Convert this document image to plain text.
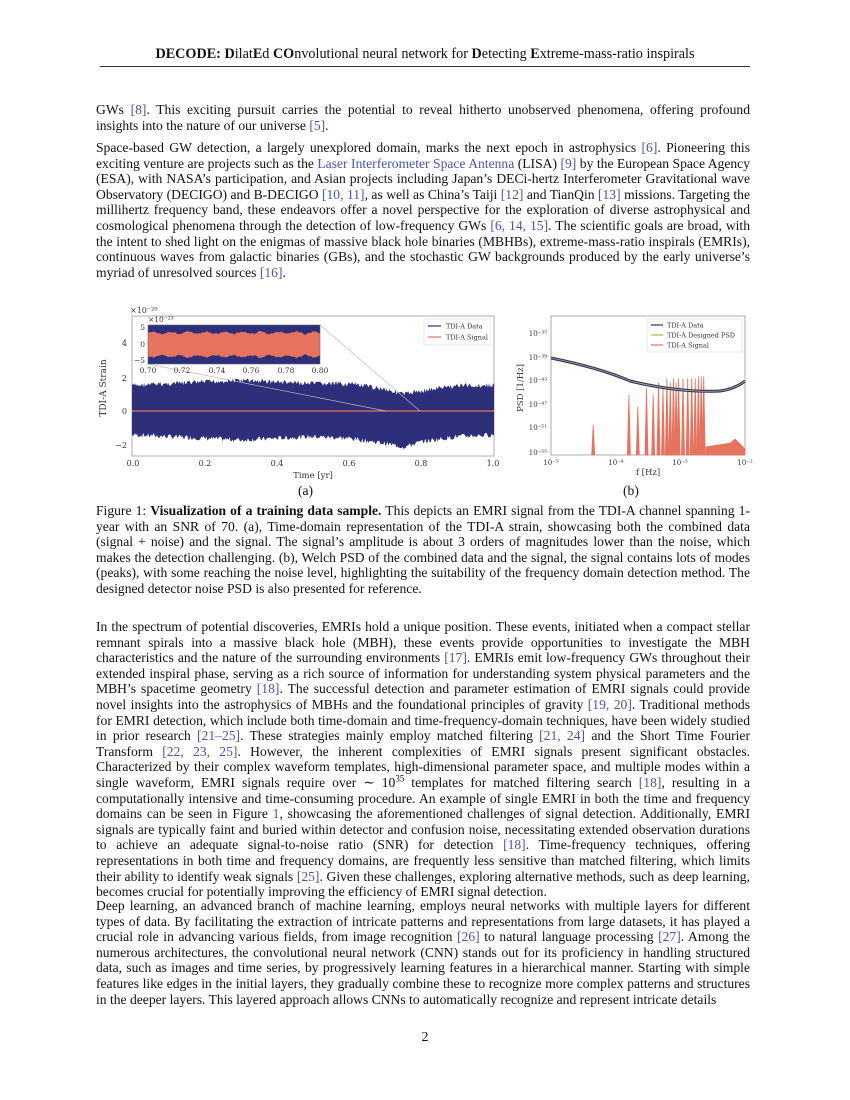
DECODE: DilatEd COnvolutional neural network for Detecting Extreme-mass-ratio inspirals
GWs [8]. This exciting pursuit carries the potential to reveal hitherto unobserved phenomena, offering profound insights into the nature of our universe [5].
Space-based GW detection, a largely unexplored domain, marks the next epoch in astrophysics [6]. Pioneering this exciting venture are projects such as the Laser Interferometer Space Antenna (LISA) [9] by the European Space Agency (ESA), with NASA’s participation, and Asian projects including Japan’s DECi-hertz Interferometer Gravitational wave Observatory (DECIGO) and B-DECIGO [10, 11], as well as China’s Taiji [12] and TianQin [13] missions. Targeting the millihertz frequency band, these endeavors offer a novel perspective for the exploration of diverse astrophysical and cosmological phenomena through the detection of low-frequency GWs [6, 14, 15]. The scientific goals are broad, with the intent to shed light on the enigmas of massive black hole binaries (MBHBs), extreme-mass-ratio inspirals (EMRIs), continuous waves from galactic binaries (GBs), and the stochastic GW backgrounds produced by the early universe’s myriad of unresolved sources [16].
×10⁻²⁰
4
2
0
−2
TDI-A Strain
×10⁻²³
5
0
−5
0.70 0.72 0.74 0.76 0.78 0.80
TDI-A Data
TDI-A Signal
0.0	0.2	0.4	0.6	0.8	1.0
Time [yr]
(a)
10⁻³⁵
10⁻³⁹
10⁻⁴³
10⁻⁴⁷
10⁻⁵¹
10⁻⁵⁵
PSD [1/Hz]
TDI-A Data
TDI-A Designed PSD
TDI-A Signal
10⁻⁵	10⁻⁴	10⁻³	10⁻²
f [Hz]
(b)
Figure 1: Visualization of a training data sample. This depicts an EMRI signal from the TDI-A channel spanning 1-year with an SNR of 70. (a), Time-domain representation of the TDI-A strain, showcasing both the combined data (signal + noise) and the signal. The signal’s amplitude is about 3 orders of magnitudes lower than the noise, which makes the detection challenging. (b), Welch PSD of the combined data and the signal, the signal contains lots of modes (peaks), with some reaching the noise level, highlighting the suitability of the frequency domain detection method. The designed detector noise PSD is also presented for reference.
In the spectrum of potential discoveries, EMRIs hold a unique position. These events, initiated when a compact stellar remnant spirals into a massive black hole (MBH), these events provide opportunities to investigate the MBH characteristics and the nature of the surrounding environments [17]. EMRIs emit low-frequency GWs throughout their extended inspiral phase, serving as a rich source of information for understanding system physical parameters and the MBH’s spacetime geometry [18]. The successful detection and parameter estimation of EMRI signals could provide novel insights into the astrophysics of MBHs and the foundational principles of gravity [19, 20]. Traditional methods for EMRI detection, which include both time-domain and time-frequency-domain techniques, have been widely studied in prior research [21–25]. These strategies mainly employ matched filtering [21, 24] and the Short Time Fourier Transform [22, 23, 25]. However, the inherent complexities of EMRI signals present significant obstacles. Characterized by their complex waveform templates, high-dimensional parameter space, and multiple modes within a single waveform, EMRI signals require over ∼ $10^{35}$ templates for matched filtering search [18], resulting in a computationally intensive and time-consuming procedure. An example of single EMRI in both the time and frequency domains can be seen in Figure 1, showcasing the aforementioned challenges of signal detection. Additionally, EMRI signals are typically faint and buried within detector and confusion noise, necessitating extended observation durations to achieve an adequate signal-to-noise ratio (SNR) for detection [18]. Time-frequency techniques, offering representations in both time and frequency domains, are frequently less sensitive than matched filtering, which limits their ability to identify weak signals [25]. Given these challenges, exploring alternative methods, such as deep learning, becomes crucial for potentially improving the efficiency of EMRI signal detection.
Deep learning, an advanced branch of machine learning, employs neural networks with multiple layers for different types of data. By facilitating the extraction of intricate patterns and representations from large datasets, it has played a crucial role in advancing various fields, from image recognition [26] to natural language processing [27]. Among the numerous architectures, the convolutional neural network (CNN) stands out for its proficiency in handling structured data, such as images and time series, by progressively learning features in a hierarchical manner. Starting with simple features like edges in the initial layers, they gradually combine these to recognize more complex patterns and structures in the deeper layers. This layered approach allows CNNs to automatically recognize and represent intricate details
2
